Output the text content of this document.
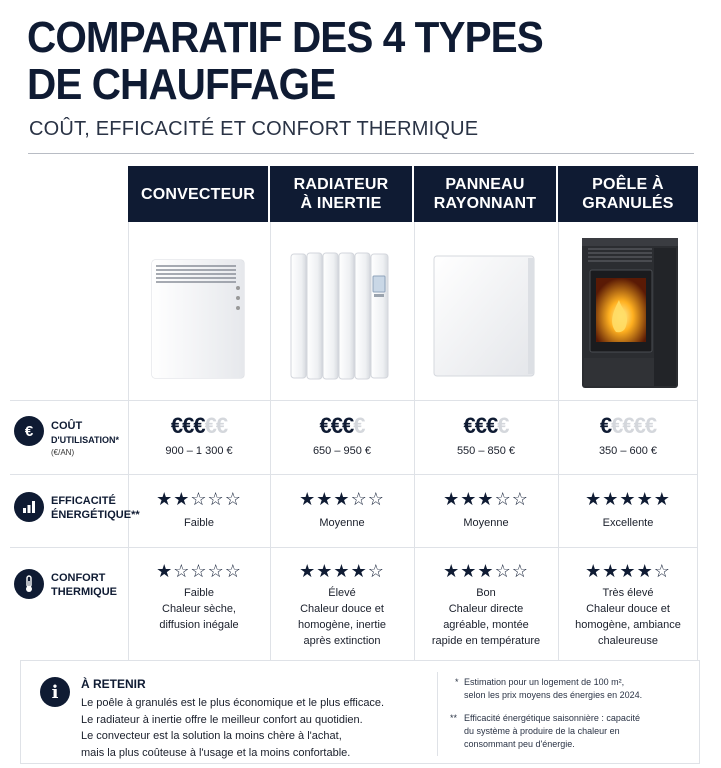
COMPARATIF DES 4 TYPES
DE CHAUFFAGE
COÛT, EFFICACITÉ ET CONFORT THERMIQUE
CONVECTEUR
RADIATEUR
À INERTIE
PANNEAU
RAYONNANT
POÊLE À
GRANULÉS
€	COÛT
D'UTILISATION*
(€/AN)
€€€€€
900 – 1 300 €
€€€€
650 – 950 €
€€€€
550 – 850 €
€€€€€
350 – 600 €
EFFICACITÉ
ÉNERGÉTIQUE**
★★☆☆☆
Faible
★★★☆☆
Moyenne
★★★☆☆
Moyenne
★★★★★
Excellente
CONFORT
THERMIQUE
★☆☆☆☆
Faible
Chaleur sèche,
diffusion inégale
★★★★☆
Élevé
Chaleur douce et
homogène, inertie
après extinction
★★★☆☆
Bon
Chaleur directe
agréable, montée
rapide en température
★★★★☆
Très élevé
Chaleur douce et
homogène, ambiance
chaleureuse
i	À RETENIR
Le poêle à granulés est le plus économique et le plus efficace.
Le radiateur à inertie offre le meilleur confort au quotidien.
Le convecteur est la solution la moins chère à l'achat,
mais la plus coûteuse à l'usage et la moins confortable.
* Estimation pour un logement de 100 m²,
selon les prix moyens des énergies en 2024.
** Efficacité énergétique saisonnière : capacité
du système à produire de la chaleur en
consommant peu d'énergie.
